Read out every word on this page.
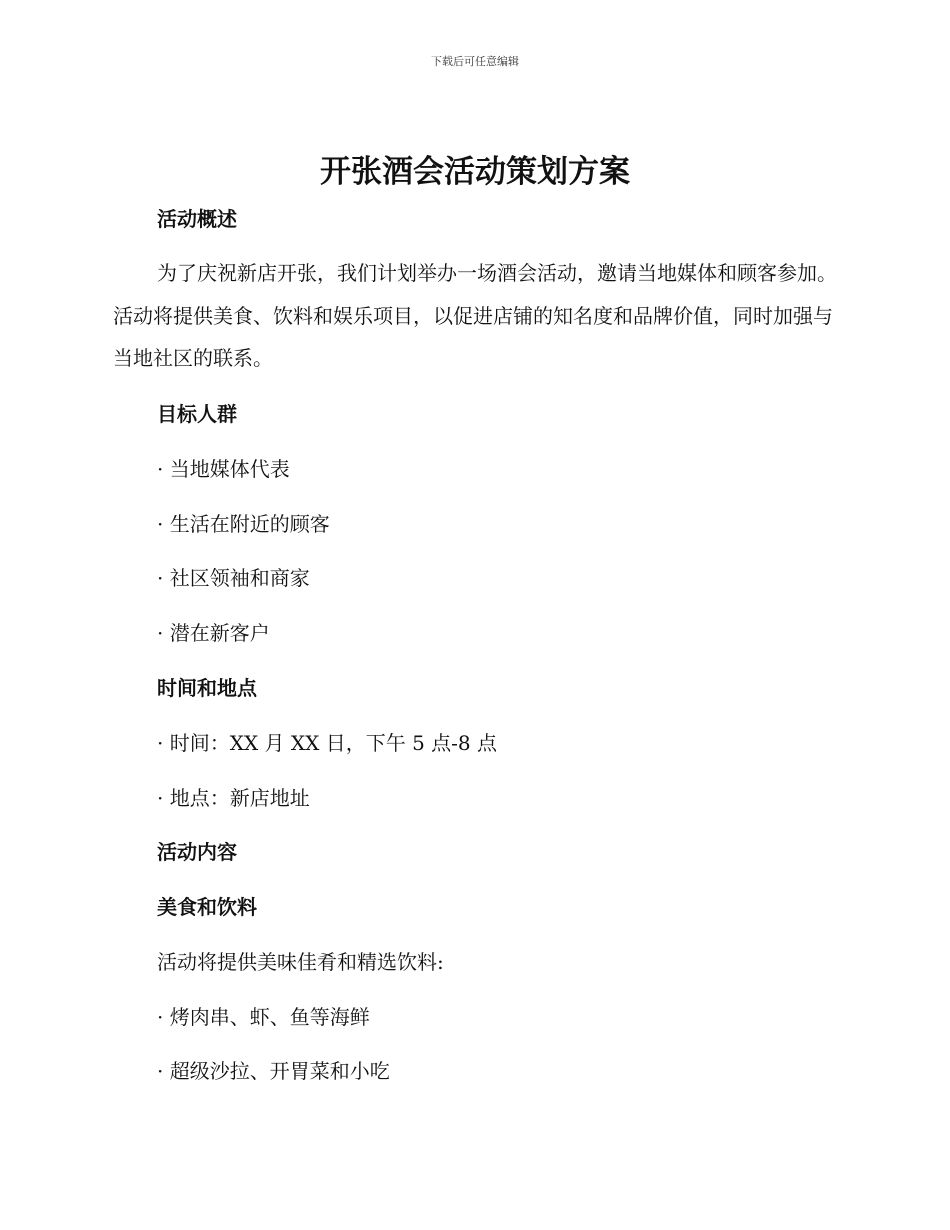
下载后可任意编辑
开张酒会活动策划方案
活动概述
为了庆祝新店开张，我们计划举办一场酒会活动，邀请当地媒体和顾客参加。活动将提供美食、饮料和娱乐项目，以促进店铺的知名度和品牌价值，同时加强与当地社区的联系。
目标人群
· 当地媒体代表
· 生活在附近的顾客
· 社区领袖和商家
· 潜在新客户
时间和地点
· 时间：XX 月 XX 日，下午 5 点-8 点
· 地点：新店地址
活动内容
美食和饮料
活动将提供美味佳肴和精选饮料:
· 烤肉串、虾、鱼等海鲜
· 超级沙拉、开胃菜和小吃
